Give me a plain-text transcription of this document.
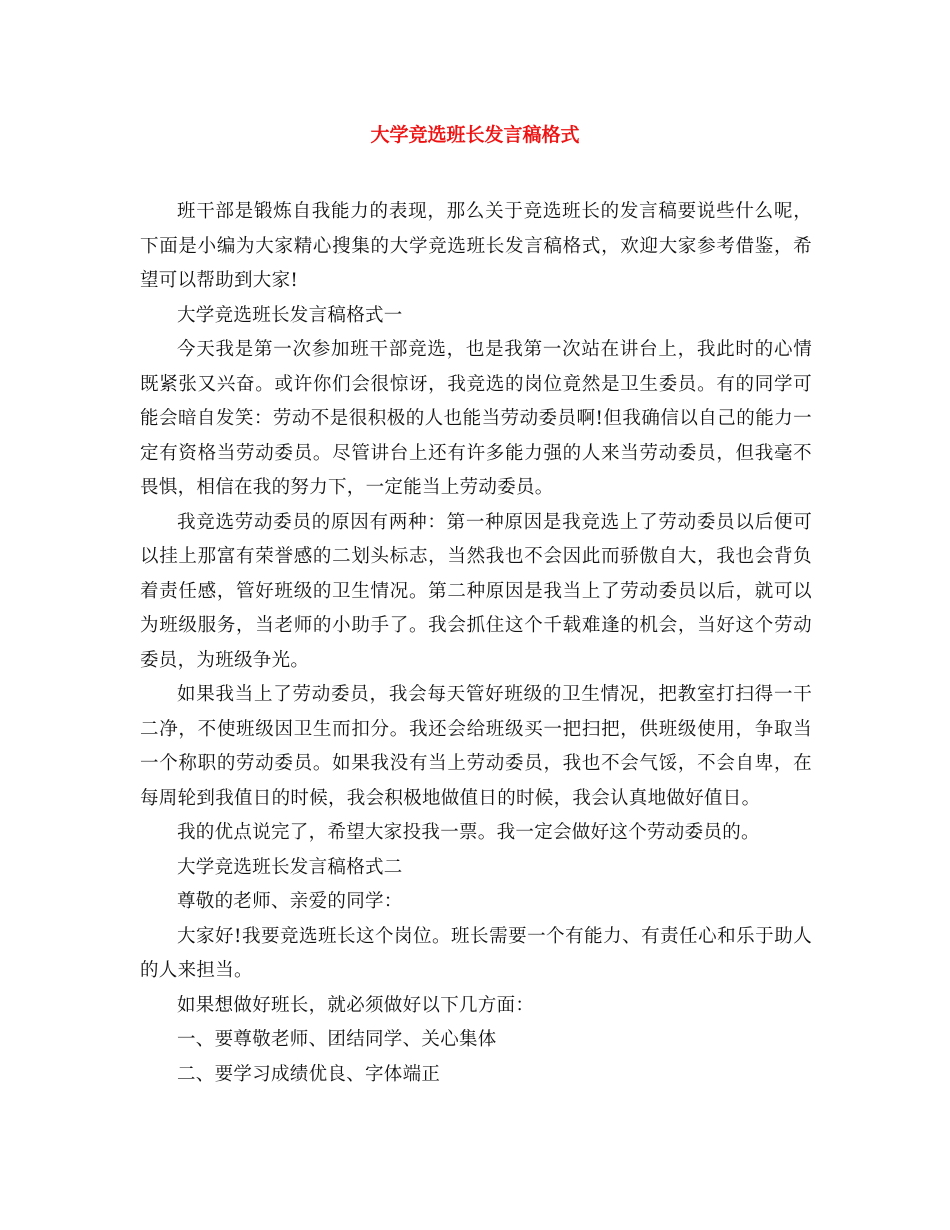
大学竞选班长发言稿格式

班干部是锻炼自我能力的表现，那么关于竞选班长的发言稿要说些什么呢，下面是小编为大家精心搜集的大学竞选班长发言稿格式，欢迎大家参考借鉴，希望可以帮助到大家!

大学竞选班长发言稿格式一

今天我是第一次参加班干部竞选，也是我第一次站在讲台上，我此时的心情既紧张又兴奋。或许你们会很惊讶，我竞选的岗位竟然是卫生委员。有的同学可能会暗自发笑：劳动不是很积极的人也能当劳动委员啊!但我确信以自己的能力一定有资格当劳动委员。尽管讲台上还有许多能力强的人来当劳动委员，但我毫不畏惧，相信在我的努力下，一定能当上劳动委员。

我竞选劳动委员的原因有两种：第一种原因是我竞选上了劳动委员以后便可以挂上那富有荣誉感的二划头标志，当然我也不会因此而骄傲自大，我也会背负着责任感，管好班级的卫生情况。第二种原因是我当上了劳动委员以后，就可以为班级服务，当老师的小助手了。我会抓住这个千载难逢的机会，当好这个劳动委员，为班级争光。

如果我当上了劳动委员，我会每天管好班级的卫生情况，把教室打扫得一干二净，不使班级因卫生而扣分。我还会给班级买一把扫把，供班级使用，争取当一个称职的劳动委员。如果我没有当上劳动委员，我也不会气馁，不会自卑，在每周轮到我值日的时候，我会积极地做值日的时候，我会认真地做好值日。

我的优点说完了，希望大家投我一票。我一定会做好这个劳动委员的。

大学竞选班长发言稿格式二

尊敬的老师、亲爱的同学：

大家好!我要竞选班长这个岗位。班长需要一个有能力、有责任心和乐于助人的人来担当。

如果想做好班长，就必须做好以下几方面：

一、要尊敬老师、团结同学、关心集体

二、要学习成绩优良、字体端正
